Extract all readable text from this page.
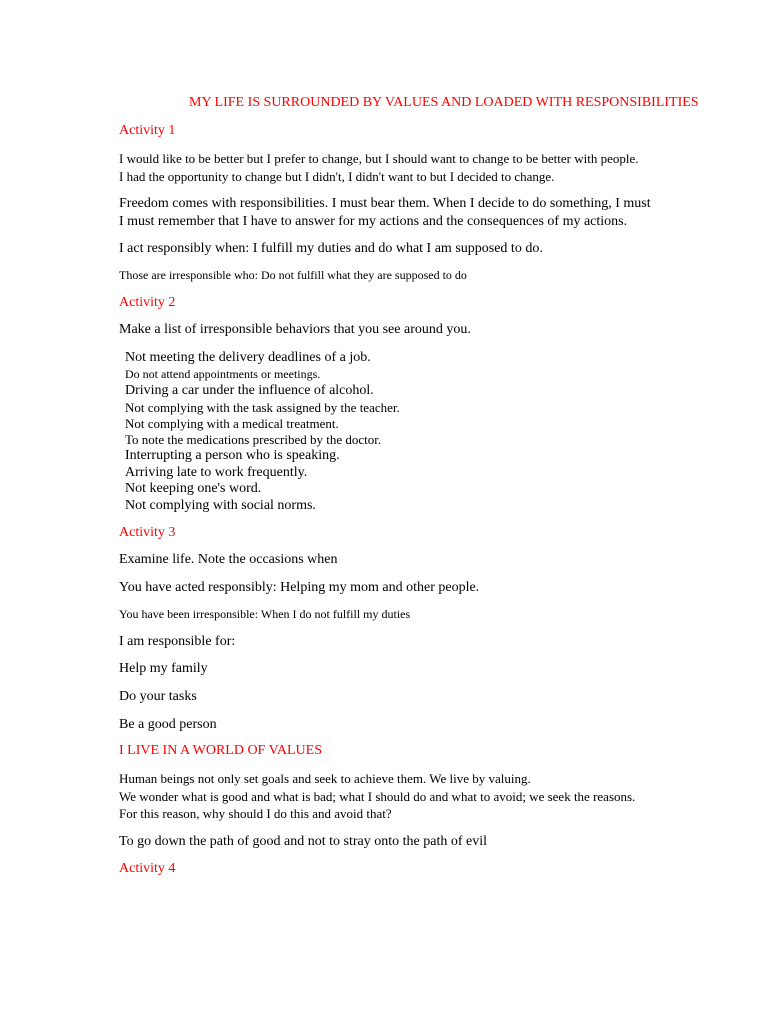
MY LIFE IS SURROUNDED BY VALUES AND LOADED WITH RESPONSIBILITIES
Activity 1
I would like to be better but I prefer to change, but I should want to change to be better with people.
I had the opportunity to change but I didn't, I didn't want to but I decided to change.
Freedom comes with responsibilities. I must bear them. When I decide to do something, I must
I must remember that I have to answer for my actions and the consequences of my actions.
I act responsibly when: I fulfill my duties and do what I am supposed to do.
Those are irresponsible who: Do not fulfill what they are supposed to do
Activity 2
Make a list of irresponsible behaviors that you see around you.
Not meeting the delivery deadlines of a job.
Do not attend appointments or meetings.
Driving a car under the influence of alcohol.
Not complying with the task assigned by the teacher.
Not complying with a medical treatment.
To note the medications prescribed by the doctor.
Interrupting a person who is speaking.
Arriving late to work frequently.
Not keeping one's word.
Not complying with social norms.
Activity 3
Examine life. Note the occasions when
You have acted responsibly: Helping my mom and other people.
You have been irresponsible: When I do not fulfill my duties
I am responsible for:
Help my family
Do your tasks
Be a good person
I LIVE IN A WORLD OF VALUES
Human beings not only set goals and seek to achieve them. We live by valuing.
We wonder what is good and what is bad; what I should do and what to avoid; we seek the reasons.
For this reason, why should I do this and avoid that?
To go down the path of good and not to stray onto the path of evil
Activity 4
